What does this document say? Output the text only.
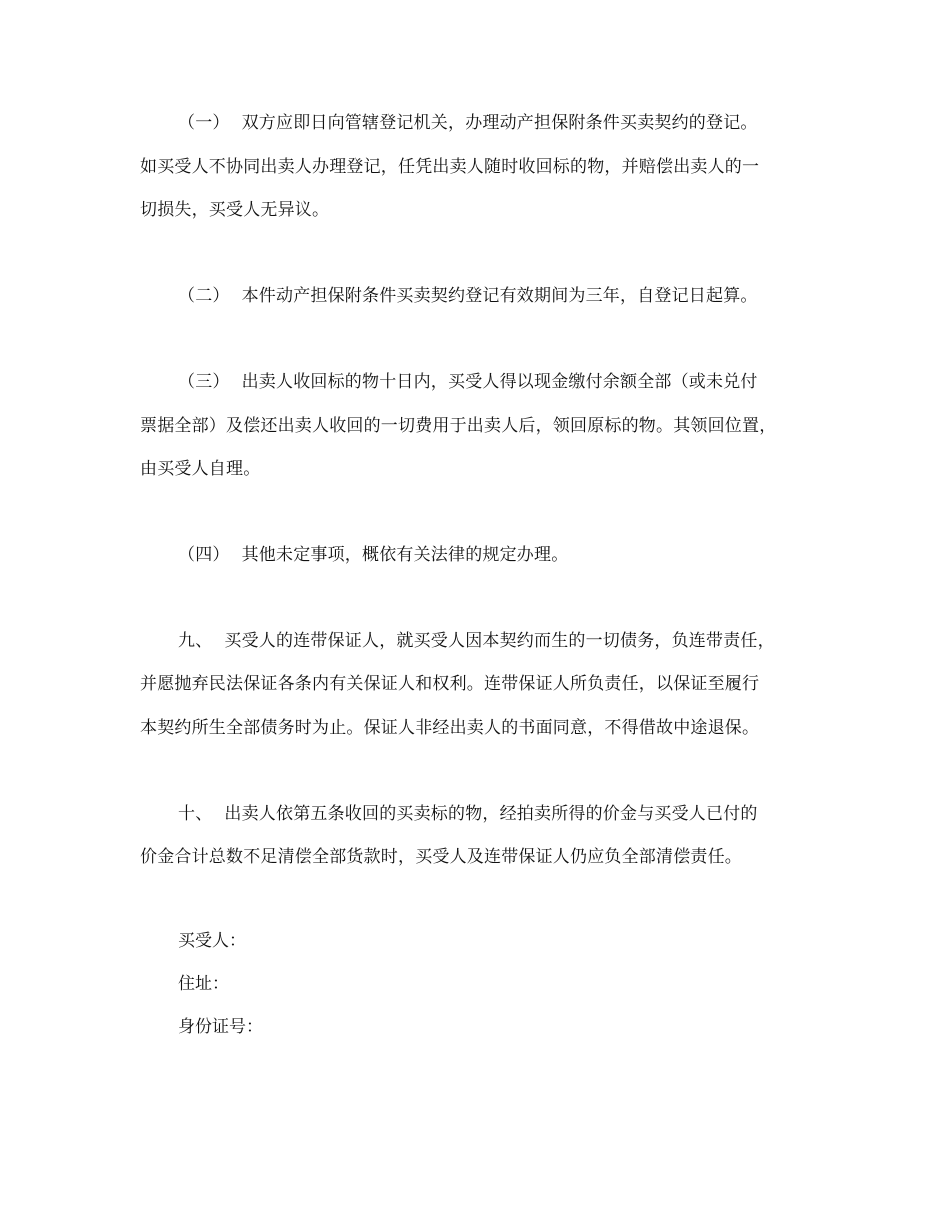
（一） 双方应即日向管辖登记机关，办理动产担保附条件买卖契约的登记。
如买受人不协同出卖人办理登记，任凭出卖人随时收回标的物，并赔偿出卖人的一
切损失，买受人无异议。
（二） 本件动产担保附条件买卖契约登记有效期间为三年，自登记日起算。
（三） 出卖人收回标的物十日内，买受人得以现金缴付余额全部（或未兑付
票据全部）及偿还出卖人收回的一切费用于出卖人后，领回原标的物。其领回位置，
由买受人自理。
（四） 其他未定事项，概依有关法律的规定办理。
九、 买受人的连带保证人，就买受人因本契约而生的一切债务，负连带责任，
并愿抛弃民法保证各条内有关保证人和权利。连带保证人所负责任，以保证至履行
本契约所生全部债务时为止。保证人非经出卖人的书面同意，不得借故中途退保。
十、 出卖人依第五条收回的买卖标的物，经拍卖所得的价金与买受人已付的
价金合计总数不足清偿全部货款时，买受人及连带保证人仍应负全部清偿责任。
买受人：
住址：
身份证号：
